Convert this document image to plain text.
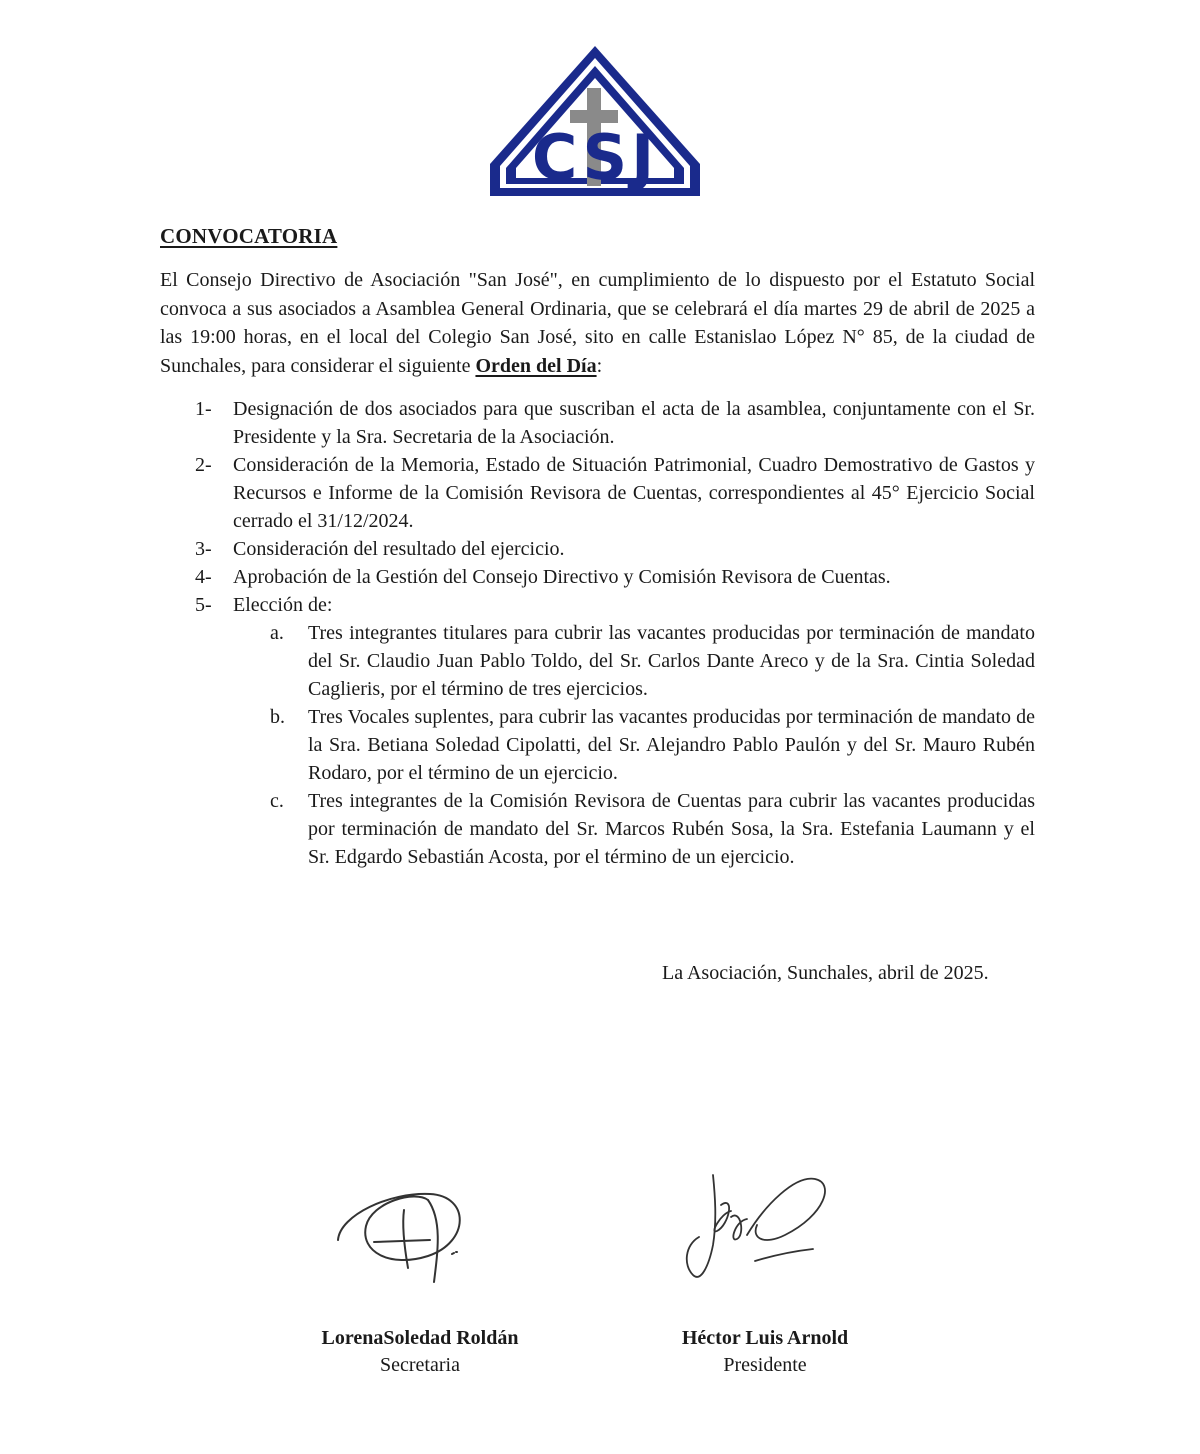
CSJ
CONVOCATORIA

El Consejo Directivo de Asociación "San José", en cumplimiento de lo dispuesto por el Estatuto Social convoca a sus asociados a Asamblea General Ordinaria, que se celebrará el día martes 29 de abril de 2025 a las 19:00 horas, en el local del Colegio San José, sito en calle Estanislao López N° 85, de la ciudad de Sunchales, para considerar el siguiente Orden del Día:

1- Designación de dos asociados para que suscriban el acta de la asamblea, conjuntamente con el Sr. Presidente y la Sra. Secretaria de la Asociación.
2- Consideración de la Memoria, Estado de Situación Patrimonial, Cuadro Demostrativo de Gastos y Recursos e Informe de la Comisión Revisora de Cuentas, correspondientes al 45° Ejercicio Social cerrado el 31/12/2024.
3- Consideración del resultado del ejercicio.
4- Aprobación de la Gestión del Consejo Directivo y Comisión Revisora de Cuentas.
5- Elección de:
a. Tres integrantes titulares para cubrir las vacantes producidas por terminación de mandato del Sr. Claudio Juan Pablo Toldo, del Sr. Carlos Dante Areco y de la Sra. Cintia Soledad Caglieris, por el término de tres ejercicios.
b. Tres Vocales suplentes, para cubrir las vacantes producidas por terminación de mandato de la Sra. Betiana Soledad Cipolatti, del Sr. Alejandro Pablo Paulón y del Sr. Mauro Rubén Rodaro, por el término de un ejercicio.
c. Tres integrantes de la Comisión Revisora de Cuentas para cubrir las vacantes producidas por terminación de mandato del Sr. Marcos Rubén Sosa, la Sra. Estefania Laumann y el Sr. Edgardo Sebastián Acosta, por el término de un ejercicio.
La Asociación, Sunchales, abril de 2025.
LorenaSoledad Roldán
Secretaria
Héctor Luis Arnold
Presidente
